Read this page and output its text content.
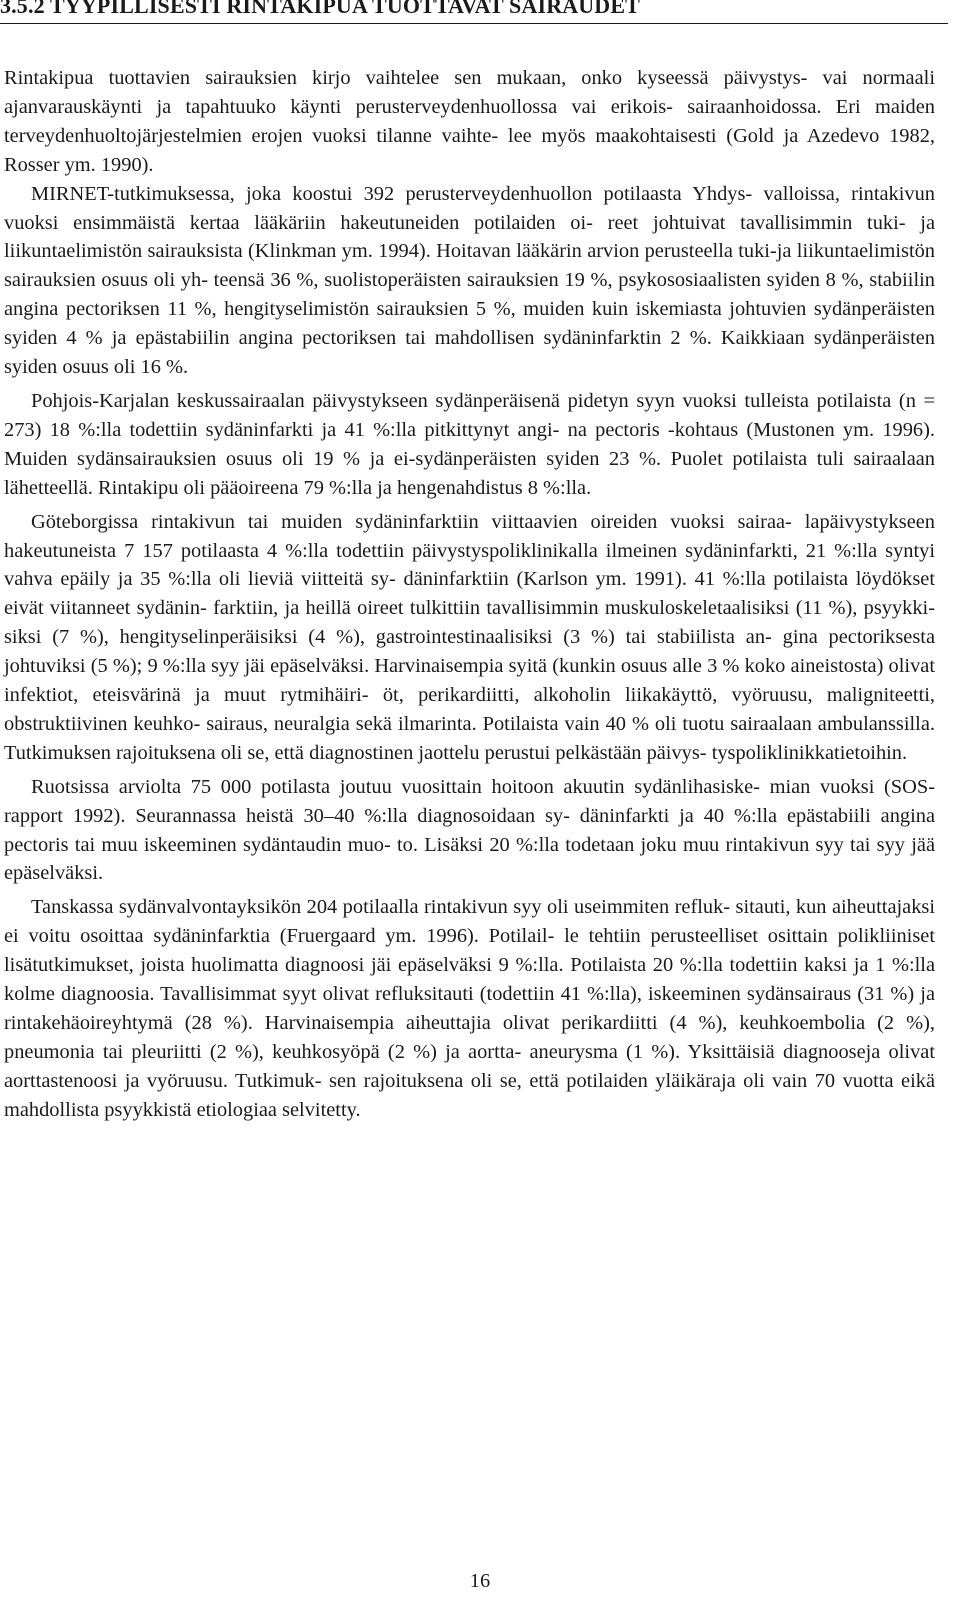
3.5.2 TYYPILLISESTI RINTAKIPUA TUOTTAVAT SAIRAUDET

Rintakipua tuottavien sairauksien kirjo vaihtelee sen mukaan, onko kyseessä päivystys- vai normaali ajanvarauskäynti ja tapahtuuko käynti perusterveydenhuollossa vai erikois- sairaanhoidossa. Eri maiden terveydenhuoltojärjestelmien erojen vuoksi tilanne vaihte- lee myös maakohtaisesti (Gold ja Azedevo 1982, Rosser ym. 1990).

MIRNET-tutkimuksessa, joka koostui 392 perusterveydenhuollon potilaasta Yhdys- valloissa, rintakivun vuoksi ensimmäistä kertaa lääkäriin hakeutuneiden potilaiden oi- reet johtuivat tavallisimmin tuki- ja liikuntaelimistön sairauksista (Klinkman ym. 1994). Hoitavan lääkärin arvion perusteella tuki-ja liikuntaelimistön sairauksien osuus oli yh- teensä 36 %, suolistoperäisten sairauksien 19 %, psykososiaalisten syiden 8 %, stabiilin angina pectoriksen 11 %, hengityselimistön sairauksien 5 %, muiden kuin iskemiasta johtuvien sydänperäisten syiden 4 % ja epästabiilin angina pectoriksen tai mahdollisen sydäninfarktin 2 %. Kaikkiaan sydänperäisten syiden osuus oli 16 %.

Pohjois-Karjalan keskussairaalan päivystykseen sydänperäisenä pidetyn syyn vuoksi tulleista potilaista (n = 273) 18 %:lla todettiin sydäninfarkti ja 41 %:lla pitkittynyt angi- na pectoris -kohtaus (Mustonen ym. 1996). Muiden sydänsairauksien osuus oli 19 % ja ei-sydänperäisten syiden 23 %. Puolet potilaista tuli sairaalaan lähetteellä. Rintakipu oli pääoireena 79 %:lla ja hengenahdistus 8 %:lla.

Göteborgissa rintakivun tai muiden sydäninfarktiin viittaavien oireiden vuoksi sairaa- lapäivystykseen hakeutuneista 7 157 potilaasta 4 %:lla todettiin päivystyspoliklinikalla ilmeinen sydäninfarkti, 21 %:lla syntyi vahva epäily ja 35 %:lla oli lieviä viitteitä sy- däninfarktiin (Karlson ym. 1991). 41 %:lla potilaista löydökset eivät viitanneet sydänin- farktiin, ja heillä oireet tulkittiin tavallisimmin muskuloskeletaalisiksi (11 %), psyykki- siksi (7 %), hengityselinperäisiksi (4 %), gastrointestinaalisiksi (3 %) tai stabiilista an- gina pectoriksesta johtuviksi (5 %); 9 %:lla syy jäi epäselväksi. Harvinaisempia syitä (kunkin osuus alle 3 % koko aineistosta) olivat infektiot, eteisvärinä ja muut rytmihäiri- öt, perikardiitti, alkoholin liikakäyttö, vyöruusu, maligniteetti, obstruktiivinen keuhko- sairaus, neuralgia sekä ilmarinta. Potilaista vain 40 % oli tuotu sairaalaan ambulanssilla. Tutkimuksen rajoituksena oli se, että diagnostinen jaottelu perustui pelkästään päivys- tyspoliklinikkatietoihin.

Ruotsissa arviolta 75 000 potilasta joutuu vuosittain hoitoon akuutin sydänlihasiske- mian vuoksi (SOS-rapport 1992). Seurannassa heistä 30–40 %:lla diagnosoidaan sy- däninfarkti ja 40 %:lla epästabiili angina pectoris tai muu iskeeminen sydäntaudin muo- to. Lisäksi 20 %:lla todetaan joku muu rintakivun syy tai syy jää epäselväksi.

Tanskassa sydänvalvontayksikön 204 potilaalla rintakivun syy oli useimmiten refluk- sitauti, kun aiheuttajaksi ei voitu osoittaa sydäninfarktia (Fruergaard ym. 1996). Potilail- le tehtiin perusteelliset osittain polikliiniset lisätutkimukset, joista huolimatta diagnoosi jäi epäselväksi 9 %:lla. Potilaista 20 %:lla todettiin kaksi ja 1 %:lla kolme diagnoosia. Tavallisimmat syyt olivat refluksitauti (todettiin 41 %:lla), iskeeminen sydänsairaus (31 %) ja rintakehäoireyhtymä (28 %). Harvinaisempia aiheuttajia olivat perikardiitti (4 %), keuhkoembolia (2 %), pneumonia tai pleuriitti (2 %), keuhkosyöpä (2 %) ja aortta- aneurysma (1 %). Yksittäisiä diagnooseja olivat aorttastenoosi ja vyöruusu. Tutkimuk- sen rajoituksena oli se, että potilaiden yläikäraja oli vain 70 vuotta eikä mahdollista psyykkistä etiologiaa selvitetty.

16
